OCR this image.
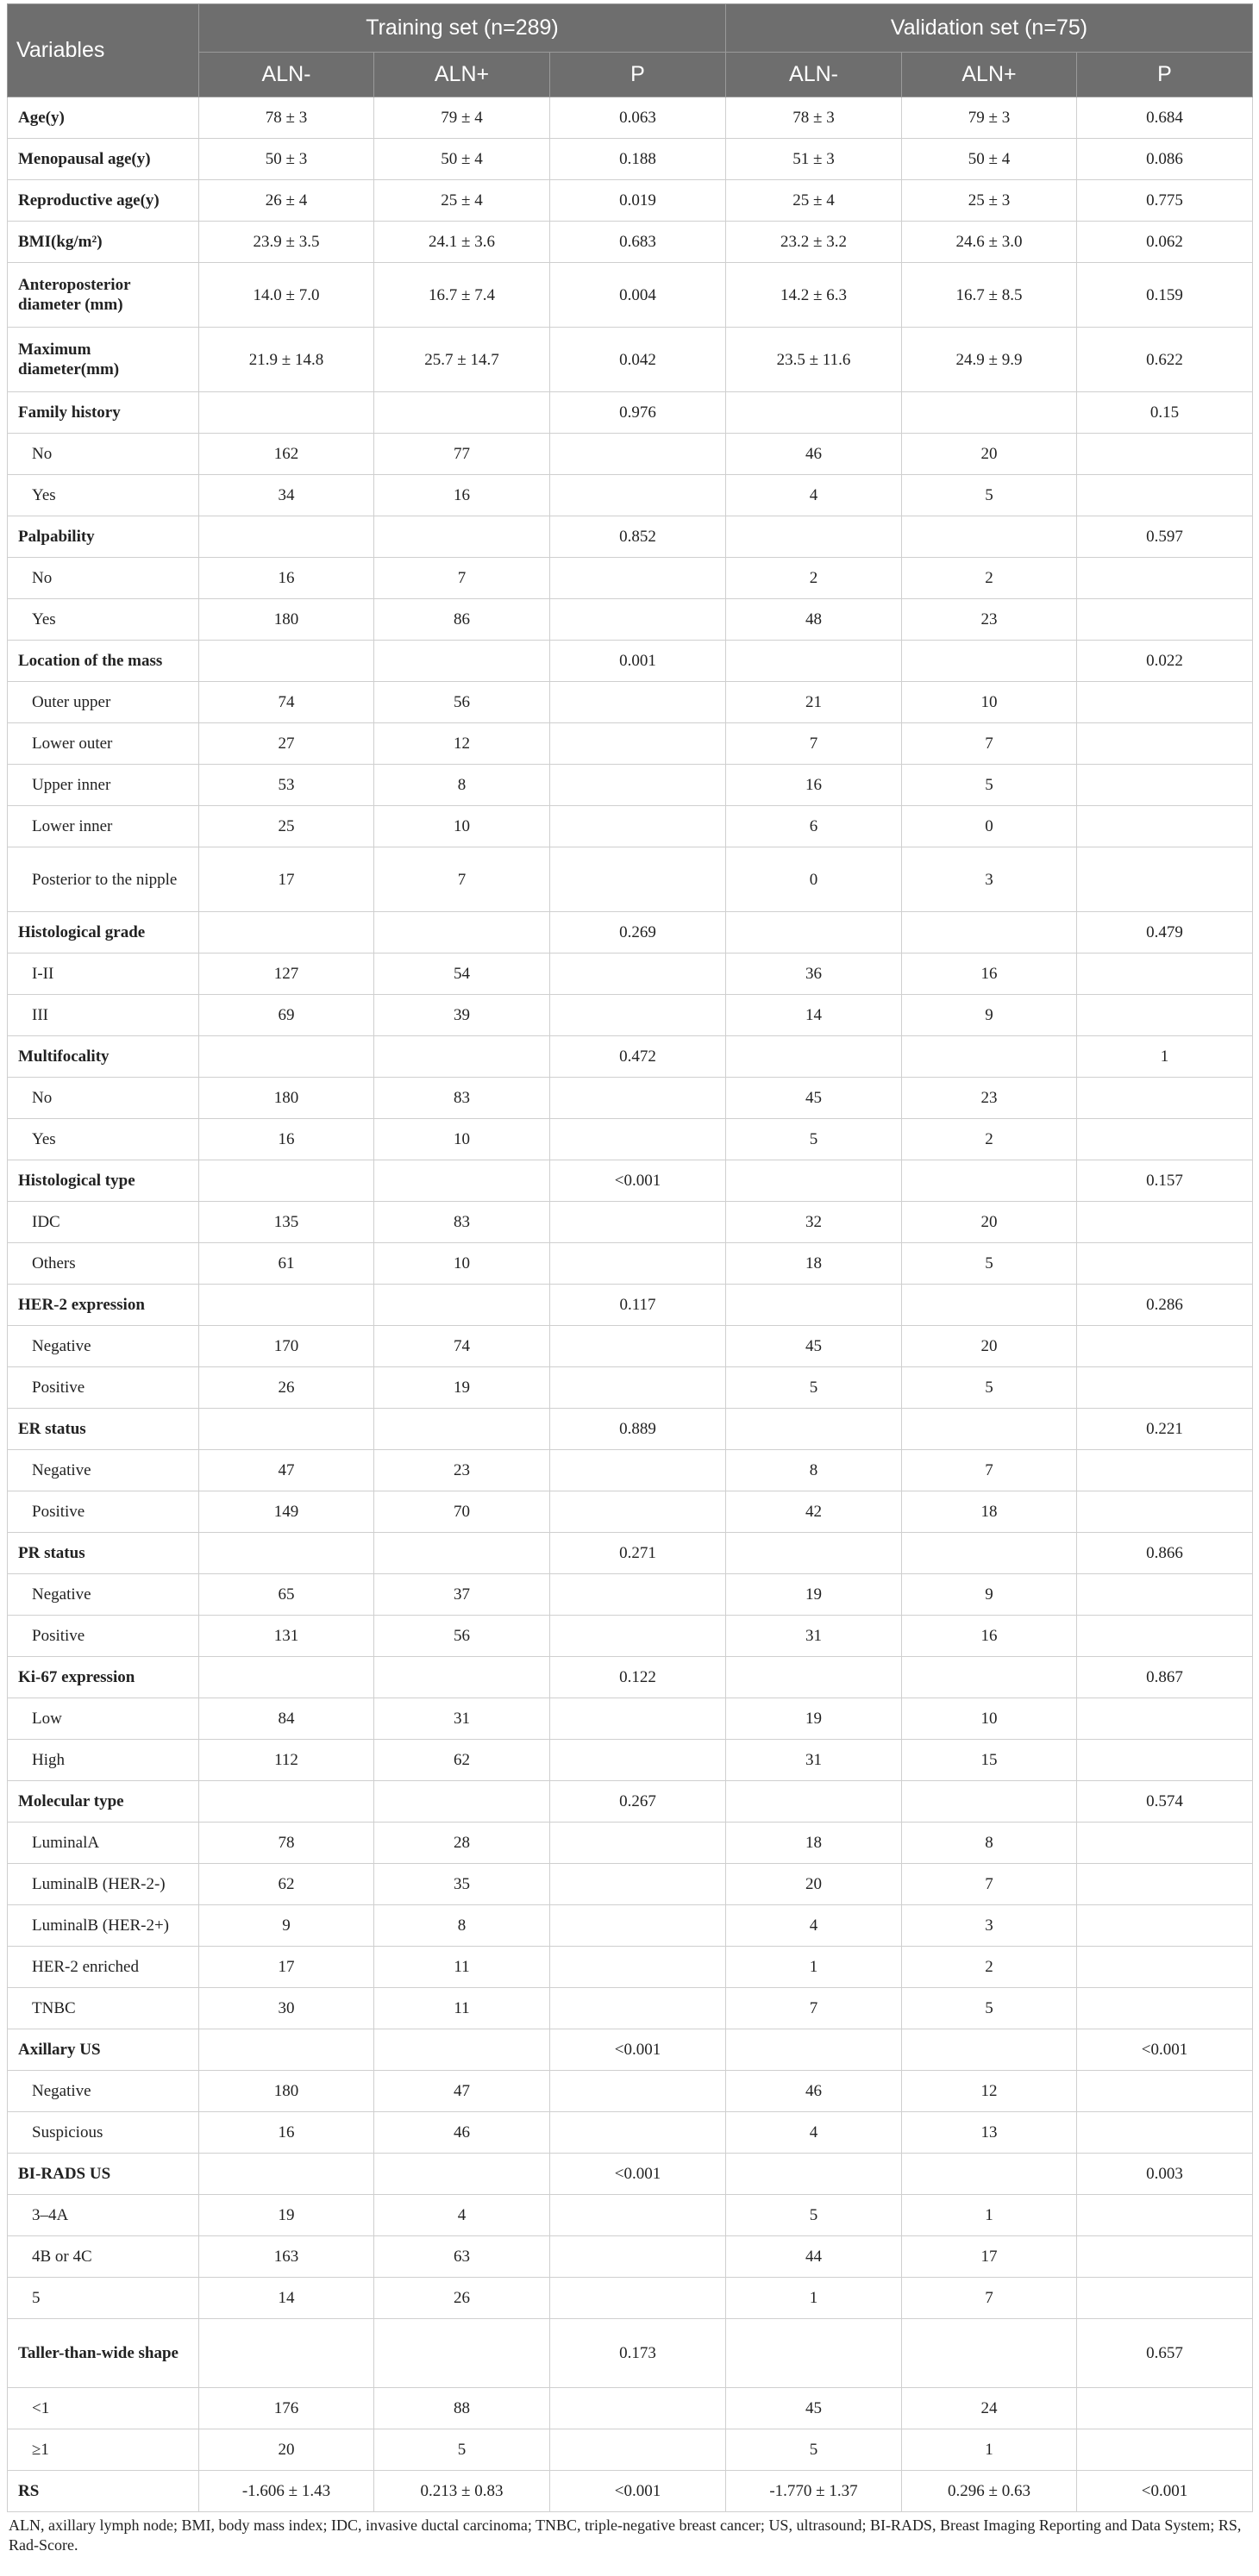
Variables	Training set (n=289)			Validation set (n=75)		
	ALN-	ALN+	P	ALN-	ALN+	P
Age(y)	78 ± 3	79 ± 4	0.063	78 ± 3	79 ± 3	0.684
Menopausal age(y)	50 ± 3	50 ± 4	0.188	51 ± 3	50 ± 4	0.086
Reproductive age(y)	26 ± 4	25 ± 4	0.019	25 ± 4	25 ± 3	0.775
BMI(kg/m²)	23.9 ± 3.5	24.1 ± 3.6	0.683	23.2 ± 3.2	24.6 ± 3.0	0.062
Anteroposterior diameter (mm)	14.0 ± 7.0	16.7 ± 7.4	0.004	14.2 ± 6.3	16.7 ± 8.5	0.159
Maximum diameter(mm)	21.9 ± 14.8	25.7 ± 14.7	0.042	23.5 ± 11.6	24.9 ± 9.9	0.622
Family history			0.976			0.15
No	162	77		46	20	
Yes	34	16		4	5	
Palpability			0.852			0.597
No	16	7		2	2	
Yes	180	86		48	23	
Location of the mass			0.001			0.022
Outer upper	74	56		21	10	
Lower outer	27	12		7	7	
Upper inner	53	8		16	5	
Lower inner	25	10		6	0	
Posterior to the nipple	17	7		0	3	
Histological grade			0.269			0.479
I-II	127	54		36	16	
III	69	39		14	9	
Multifocality			0.472			1
No	180	83		45	23	
Yes	16	10		5	2	
Histological type			<0.001			0.157
IDC	135	83		32	20	
Others	61	10		18	5	
HER-2 expression			0.117			0.286
Negative	170	74		45	20	
Positive	26	19		5	5	
ER status			0.889			0.221
Negative	47	23		8	7	
Positive	149	70		42	18	
PR status			0.271			0.866
Negative	65	37		19	9	
Positive	131	56		31	16	
Ki-67 expression			0.122			0.867
Low	84	31		19	10	
High	112	62		31	15	
Molecular type			0.267			0.574
LuminalA	78	28		18	8	
LuminalB (HER-2-)	62	35		20	7	
LuminalB (HER-2+)	9	8		4	3	
HER-2 enriched	17	11		1	2	
TNBC	30	11		7	5	
Axillary US			<0.001			<0.001
Negative	180	47		46	12	
Suspicious	16	46		4	13	
BI-RADS US			<0.001			0.003
3–4A	19	4		5	1	
4B or 4C	163	63		44	17	
5	14	26		1	7	
Taller-than-wide shape			0.173			0.657
<1	176	88		45	24	
≥1	20	5		5	1	
RS	-1.606 ± 1.43	0.213 ± 0.83	<0.001	-1.770 ± 1.37	0.296 ± 0.63	<0.001
ALN, axillary lymph node; BMI, body mass index; IDC, invasive ductal carcinoma; TNBC, triple-negative breast cancer; US, ultrasound; BI-RADS, Breast Imaging Reporting and Data System; RS, Rad-Score.
